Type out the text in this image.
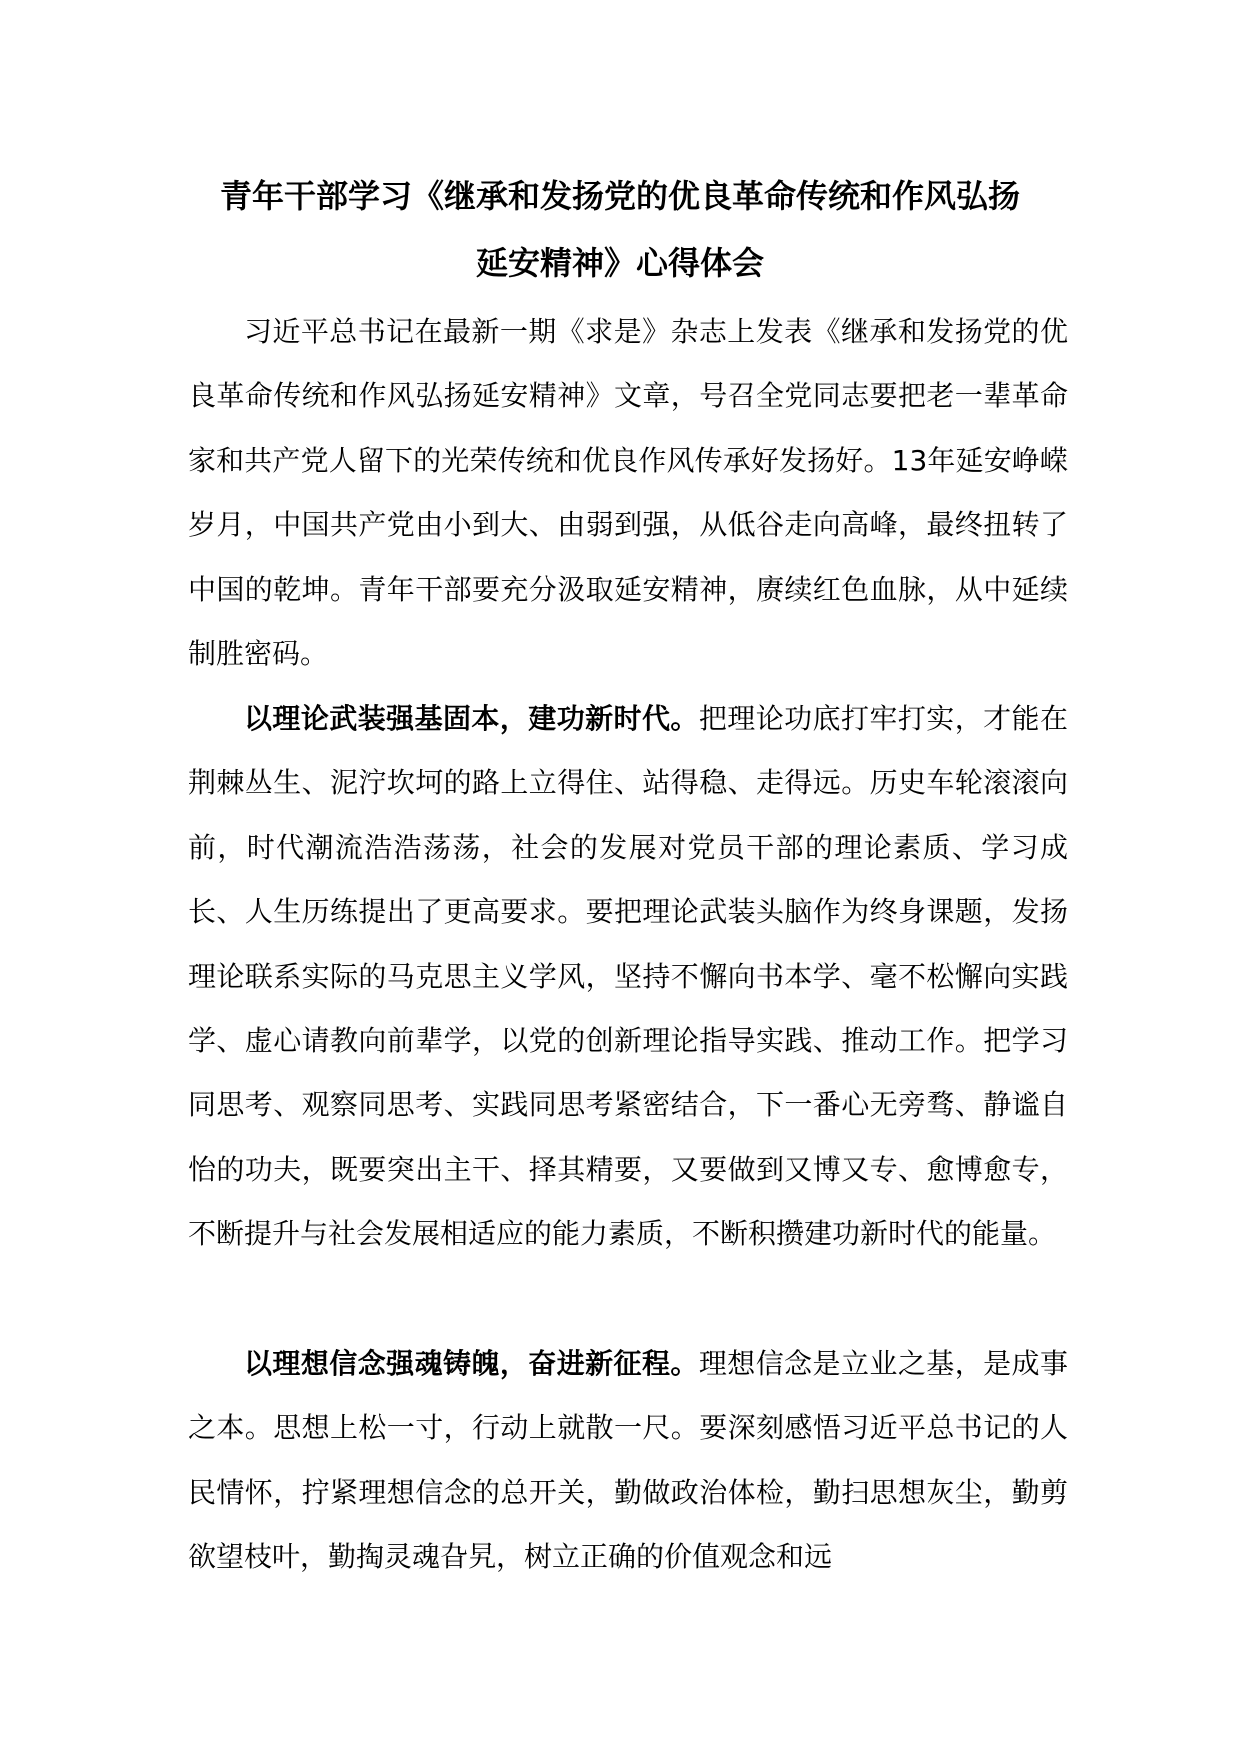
青年干部学习《继承和发扬党的优良革命传统和作风弘扬
延安精神》心得体会

习近平总书记在最新一期《求是》杂志上发表《继承和发扬党的优良革命传统和作风弘扬延安精神》文章，号召全党同志要把老一辈革命家和共产党人留下的光荣传统和优良作风传承好发扬好。13年延安峥嵘岁月，中国共产党由小到大、由弱到强，从低谷走向高峰，最终扭转了中国的乾坤。青年干部要充分汲取延安精神，赓续红色血脉，从中延续制胜密码。

以理论武装强基固本，建功新时代。把理论功底打牢打实，才能在荆棘丛生、泥泞坎坷的路上立得住、站得稳、走得远。历史车轮滚滚向前，时代潮流浩浩荡荡，社会的发展对党员干部的理论素质、学习成长、人生历练提出了更高要求。要把理论武装头脑作为终身课题，发扬理论联系实际的马克思主义学风，坚持不懈向书本学、毫不松懈向实践学、虚心请教向前辈学，以党的创新理论指导实践、推动工作。把学习同思考、观察同思考、实践同思考紧密结合，下一番心无旁骛、静谧自怡的功夫，既要突出主干、择其精要，又要做到又博又专、愈博愈专，不断提升与社会发展相适应的能力素质，不断积攒建功新时代的能量。

以理想信念强魂铸魄，奋进新征程。理想信念是立业之基，是成事之本。思想上松一寸，行动上就散一尺。要深刻感悟习近平总书记的人民情怀，拧紧理想信念的总开关，勤做政治体检，勤扫思想灰尘，勤剪欲望枝叶，勤掏灵魂旮旯，树立正确的价值观念和远
